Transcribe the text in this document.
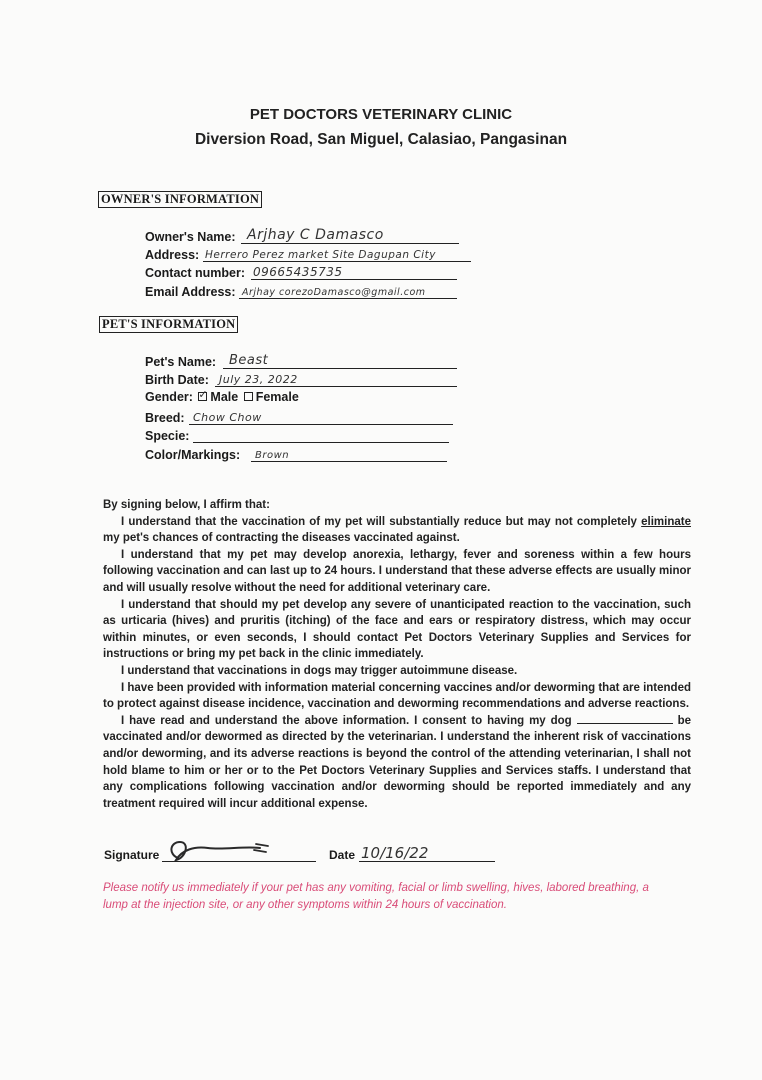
PET DOCTORS VETERINARY CLINIC
Diversion Road, San Miguel, Calasiao, Pangasinan
OWNER'S INFORMATION
Owner's Name: Arjhay C Damasco
Address: Herrero Perez market Site Dagupan City
Contact number: 09665435735
Email Address: Arjhay corezoDamasco@gmail.com
PET'S INFORMATION
Pet's Name: Beast
Birth Date: July 23, 2022
Gender: ✓ Male Female
Breed: Chow Chow
Specie:
Color/Markings: Brown

By signing below, I affirm that:

I understand that the vaccination of my pet will substantially reduce but may not completely eliminate my pet's chances of contracting the diseases vaccinated against.

I understand that my pet may develop anorexia, lethargy, fever and soreness within a few hours following vaccination and can last up to 24 hours. I understand that these adverse effects are usually minor and will usually resolve without the need for additional veterinary care.

I understand that should my pet develop any severe of unanticipated reaction to the vaccination, such as urticaria (hives) and pruritis (itching) of the face and ears or respiratory distress, which may occur within minutes, or even seconds, I should contact Pet Doctors Veterinary Supplies and Services for instructions or bring my pet back in the clinic immediately.

I understand that vaccinations in dogs may trigger autoimmune disease.

I have been provided with information material concerning vaccines and/or deworming that are intended to protect against disease incidence, vaccination and deworming recommendations and adverse reactions.

I have read and understand the above information. I consent to having my dog	be vaccinated and/or dewormed as directed by the veterinarian. I understand the inherent risk of vaccinations and/or deworming, and its adverse reactions is beyond the control of the attending veterinarian, I shall not hold blame to him or her or to the Pet Doctors Veterinary Supplies and Services staffs. I understand that any complications following vaccination and/or deworming should be reported immediately and any treatment required will incur additional expense.

Signature	Date 10/16/22
Please notify us immediately if your pet has any vomiting, facial or limb swelling, hives, labored breathing, a lump at the injection site, or any other symptoms within 24 hours of vaccination.
